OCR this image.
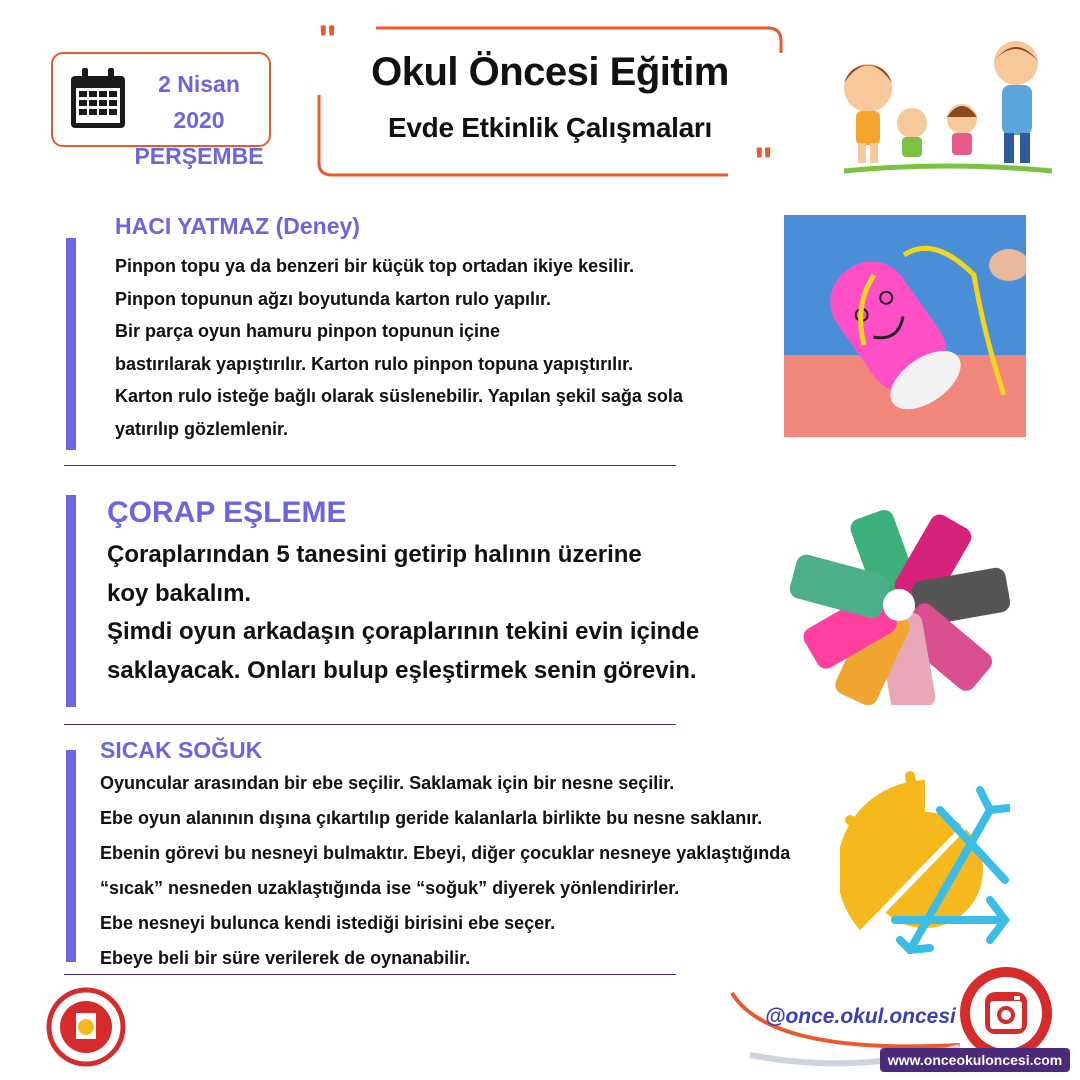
2 Nisan 2020
PERŞEMBE
"
"
Okul Öncesi Eğitim
Evde Etkinlik Çalışmaları
HACI YATMAZ (Deney)
Pinpon topu ya da benzeri bir küçük top ortadan ikiye kesilir.
Pinpon topunun ağzı boyutunda karton rulo yapılır.
Bir parça oyun hamuru pinpon topunun içine
bastırılarak yapıştırılır. Karton rulo pinpon topuna yapıştırılır.
Karton rulo isteğe bağlı olarak süslenebilir. Yapılan şekil sağa sola
yatırılıp gözlemlenir.
ÇORAP EŞLEME
Çoraplarından 5 tanesini getirip halının üzerine
koy bakalım.
Şimdi oyun arkadaşın çoraplarının tekini evin içinde
saklayacak. Onları bulup eşleştirmek senin görevin.
SICAK SOĞUK
Oyuncular arasından bir ebe seçilir. Saklamak için bir nesne seçilir.
Ebe oyun alanının dışına çıkartılıp geride kalanlarla birlikte bu nesne saklanır.
Ebenin görevi bu nesneyi bulmaktır. Ebeyi, diğer çocuklar nesneye yaklaştığında
“sıcak” nesneden uzaklaştığında ise “soğuk” diyerek yönlendirirler.
Ebe nesneyi bulunca kendi istediği birisini ebe seçer.
Ebeye beli bir süre verilerek de oynanabilir.
@once.okul.oncesi
www.onceokuloncesi.com
